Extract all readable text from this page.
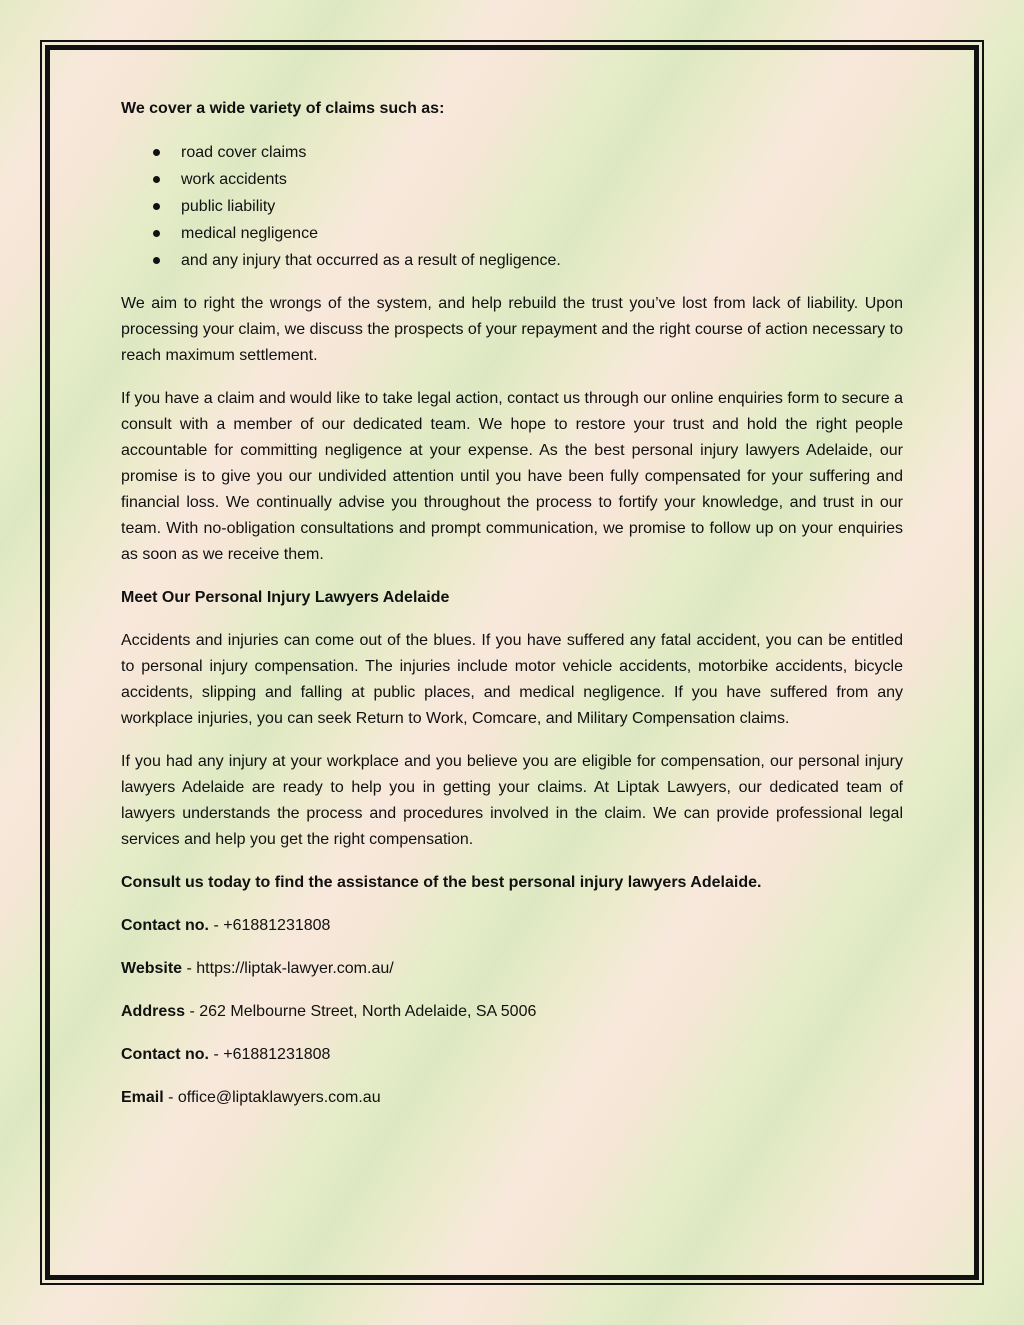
We cover a wide variety of claims such as:

road cover claims
work accidents
public liability
medical negligence
and any injury that occurred as a result of negligence.

We aim to right the wrongs of the system, and help rebuild the trust you’ve lost from lack of liability. Upon processing your claim, we discuss the prospects of your repayment and the right course of action necessary to reach maximum settlement.

If you have a claim and would like to take legal action, contact us through our online enquiries form to secure a consult with a member of our dedicated team. We hope to restore your trust and hold the right people accountable for committing negligence at your expense. As the best personal injury lawyers Adelaide, our promise is to give you our undivided attention until you have been fully compensated for your suffering and financial loss. We continually advise you throughout the process to fortify your knowledge, and trust in our team. With no-obligation consultations and prompt communication, we promise to follow up on your enquiries as soon as we receive them.

Meet Our Personal Injury Lawyers Adelaide

Accidents and injuries can come out of the blues. If you have suffered any fatal accident, you can be entitled to personal injury compensation. The injuries include motor vehicle accidents, motorbike accidents, bicycle accidents, slipping and falling at public places, and medical negligence. If you have suffered from any workplace injuries, you can seek Return to Work, Comcare, and Military Compensation claims.

If you had any injury at your workplace and you believe you are eligible for compensation, our personal injury lawyers Adelaide are ready to help you in getting your claims. At Liptak Lawyers, our dedicated team of lawyers understands the process and procedures involved in the claim. We can provide professional legal services and help you get the right compensation.

Consult us today to find the assistance of the best personal injury lawyers Adelaide.

Contact no. - +61881231808
Website - https://liptak-lawyer.com.au/
Address - 262 Melbourne Street, North Adelaide, SA 5006
Contact no. - +61881231808
Email - office@liptaklawyers.com.au
